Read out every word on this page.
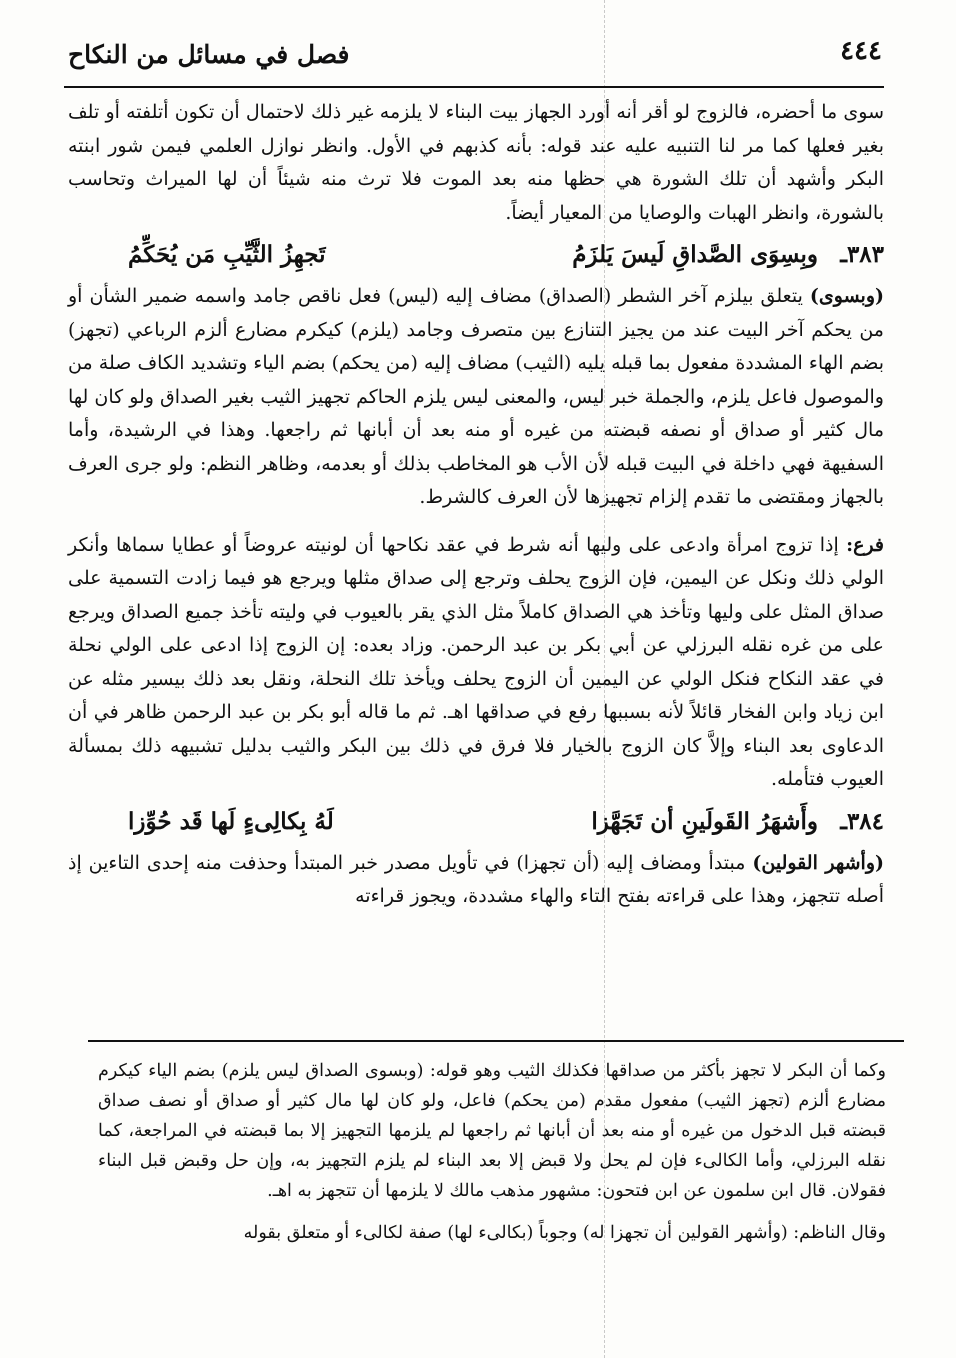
٤٤٤
فصل في مسائل من النكاح

سوى ما أحضره، فالزوج لو أقر أنه أورد الجهاز بيت البناء لا يلزمه غير ذلك لاحتمال أن تكون أتلفته أو تلف بغير فعلها كما مر لنا التنبيه عليه عند قوله: بأنه كذبهم في الأول. وانظر نوازل العلمي فيمن شور ابنته البكر وأشهد أن تلك الشورة هي حظها منه بعد الموت فلا ترث منه شيئاً أن لها الميراث وتحاسب بالشورة، وانظر الهبات والوصايا من المعيار أيضاً.

٣٨٣ـ
وبِسِوَى الصَّداقِ لَيسَ يَلزَمُ
تَجهِزُ الثَّيِّبِ مَن يُحَكِّمُ

(وبسوى) يتعلق بيلزم آخر الشطر (الصداق) مضاف إليه (ليس) فعل ناقص جامد واسمه ضمير الشأن أو من يحكم آخر البيت عند من يجيز التنازع بين متصرف وجامد (يلزم) كيكرم مضارع ألزم الرباعي (تجهز) بضم الهاء المشددة مفعول بما قبله يليه (الثيب) مضاف إليه (من يحكم) بضم الياء وتشديد الكاف صلة من والموصول فاعل يلزم، والجملة خبر ليس، والمعنى ليس يلزم الحاكم تجهيز الثيب بغير الصداق ولو كان لها مال كثير أو صداق أو نصفه قبضته من غيره أو منه بعد أن أبانها ثم راجعها. وهذا في الرشيدة، وأما السفيهة فهي داخلة في البيت قبله لأن الأب هو المخاطب بذلك أو بعدمه، وظاهر النظم: ولو جرى العرف بالجهاز ومقتضى ما تقدم إلزام تجهيزها لأن العرف كالشرط.

فرع: إذا تزوج امرأة وادعى على وليها أنه شرط في عقد نكاحها أن لونيته عروضاً أو عطايا سماها وأنكر الولي ذلك ونكل عن اليمين، فإن الزوج يحلف وترجع إلى صداق مثلها ويرجع هو فيما زادت التسمية على صداق المثل على وليها وتأخذ هي الصداق كاملاً مثل الذي يقر بالعيوب في وليته تأخذ جميع الصداق ويرجع على من غره نقله البرزلي عن أبي بكر بن عبد الرحمن. وزاد بعده: إن الزوج إذا ادعى على الولي نحلة في عقد النكاح فنكل الولي عن اليمين أن الزوج يحلف ويأخذ تلك النحلة، ونقل بعد ذلك بيسير مثله عن ابن زياد وابن الفخار قائلاً لأنه بسببها رفع في صداقها اهـ. ثم ما قاله أبو بكر بن عبد الرحمن ظاهر في أن الدعاوى بعد البناء وإلاَّ كان الزوج بالخيار فلا فرق في ذلك بين البكر والثيب بدليل تشبيهه ذلك بمسألة العيوب فتأمله.

٣٨٤ـ
وأَشهَرُ القَولَينِ أن تَجَهَّزا
لَهُ بِكالِىءٍ لَها قَد حُوِّزا

(وأشهر القولين) مبتدأ ومضاف إليه (أن تجهزا) في تأويل مصدر خبر المبتدأ وحذفت منه إحدى التاءين إذ أصله تتجهز، وهذا على قراءته بفتح التاء والهاء مشددة، ويجوز قراءته

وكما أن البكر لا تجهز بأكثر من صداقها فكذلك الثيب وهو قوله: (وبسوى الصداق ليس يلزم) بضم الياء كيكرم مضارع ألزم (تجهز الثيب) مفعول مقدم (من يحكم) فاعل، ولو كان لها مال كثير أو صداق أو نصف صداق قبضته قبل الدخول من غيره أو منه بعد أن أبانها ثم راجعها لم يلزمها التجهيز إلا بما قبضته في المراجعة، كما نقله البرزلي، وأما الكالىء فإن لم يحل ولا قبض إلا بعد البناء لم يلزم التجهيز به، وإن حل وقبض قبل البناء فقولان. قال ابن سلمون عن ابن فتحون: مشهور مذهب مالك لا يلزمها أن تتجهز به اهـ.

وقال الناظم: (وأشهر القولين أن تجهزا له) وجوباً (بكالىء لها) صفة لكالىء أو متعلق بقوله
